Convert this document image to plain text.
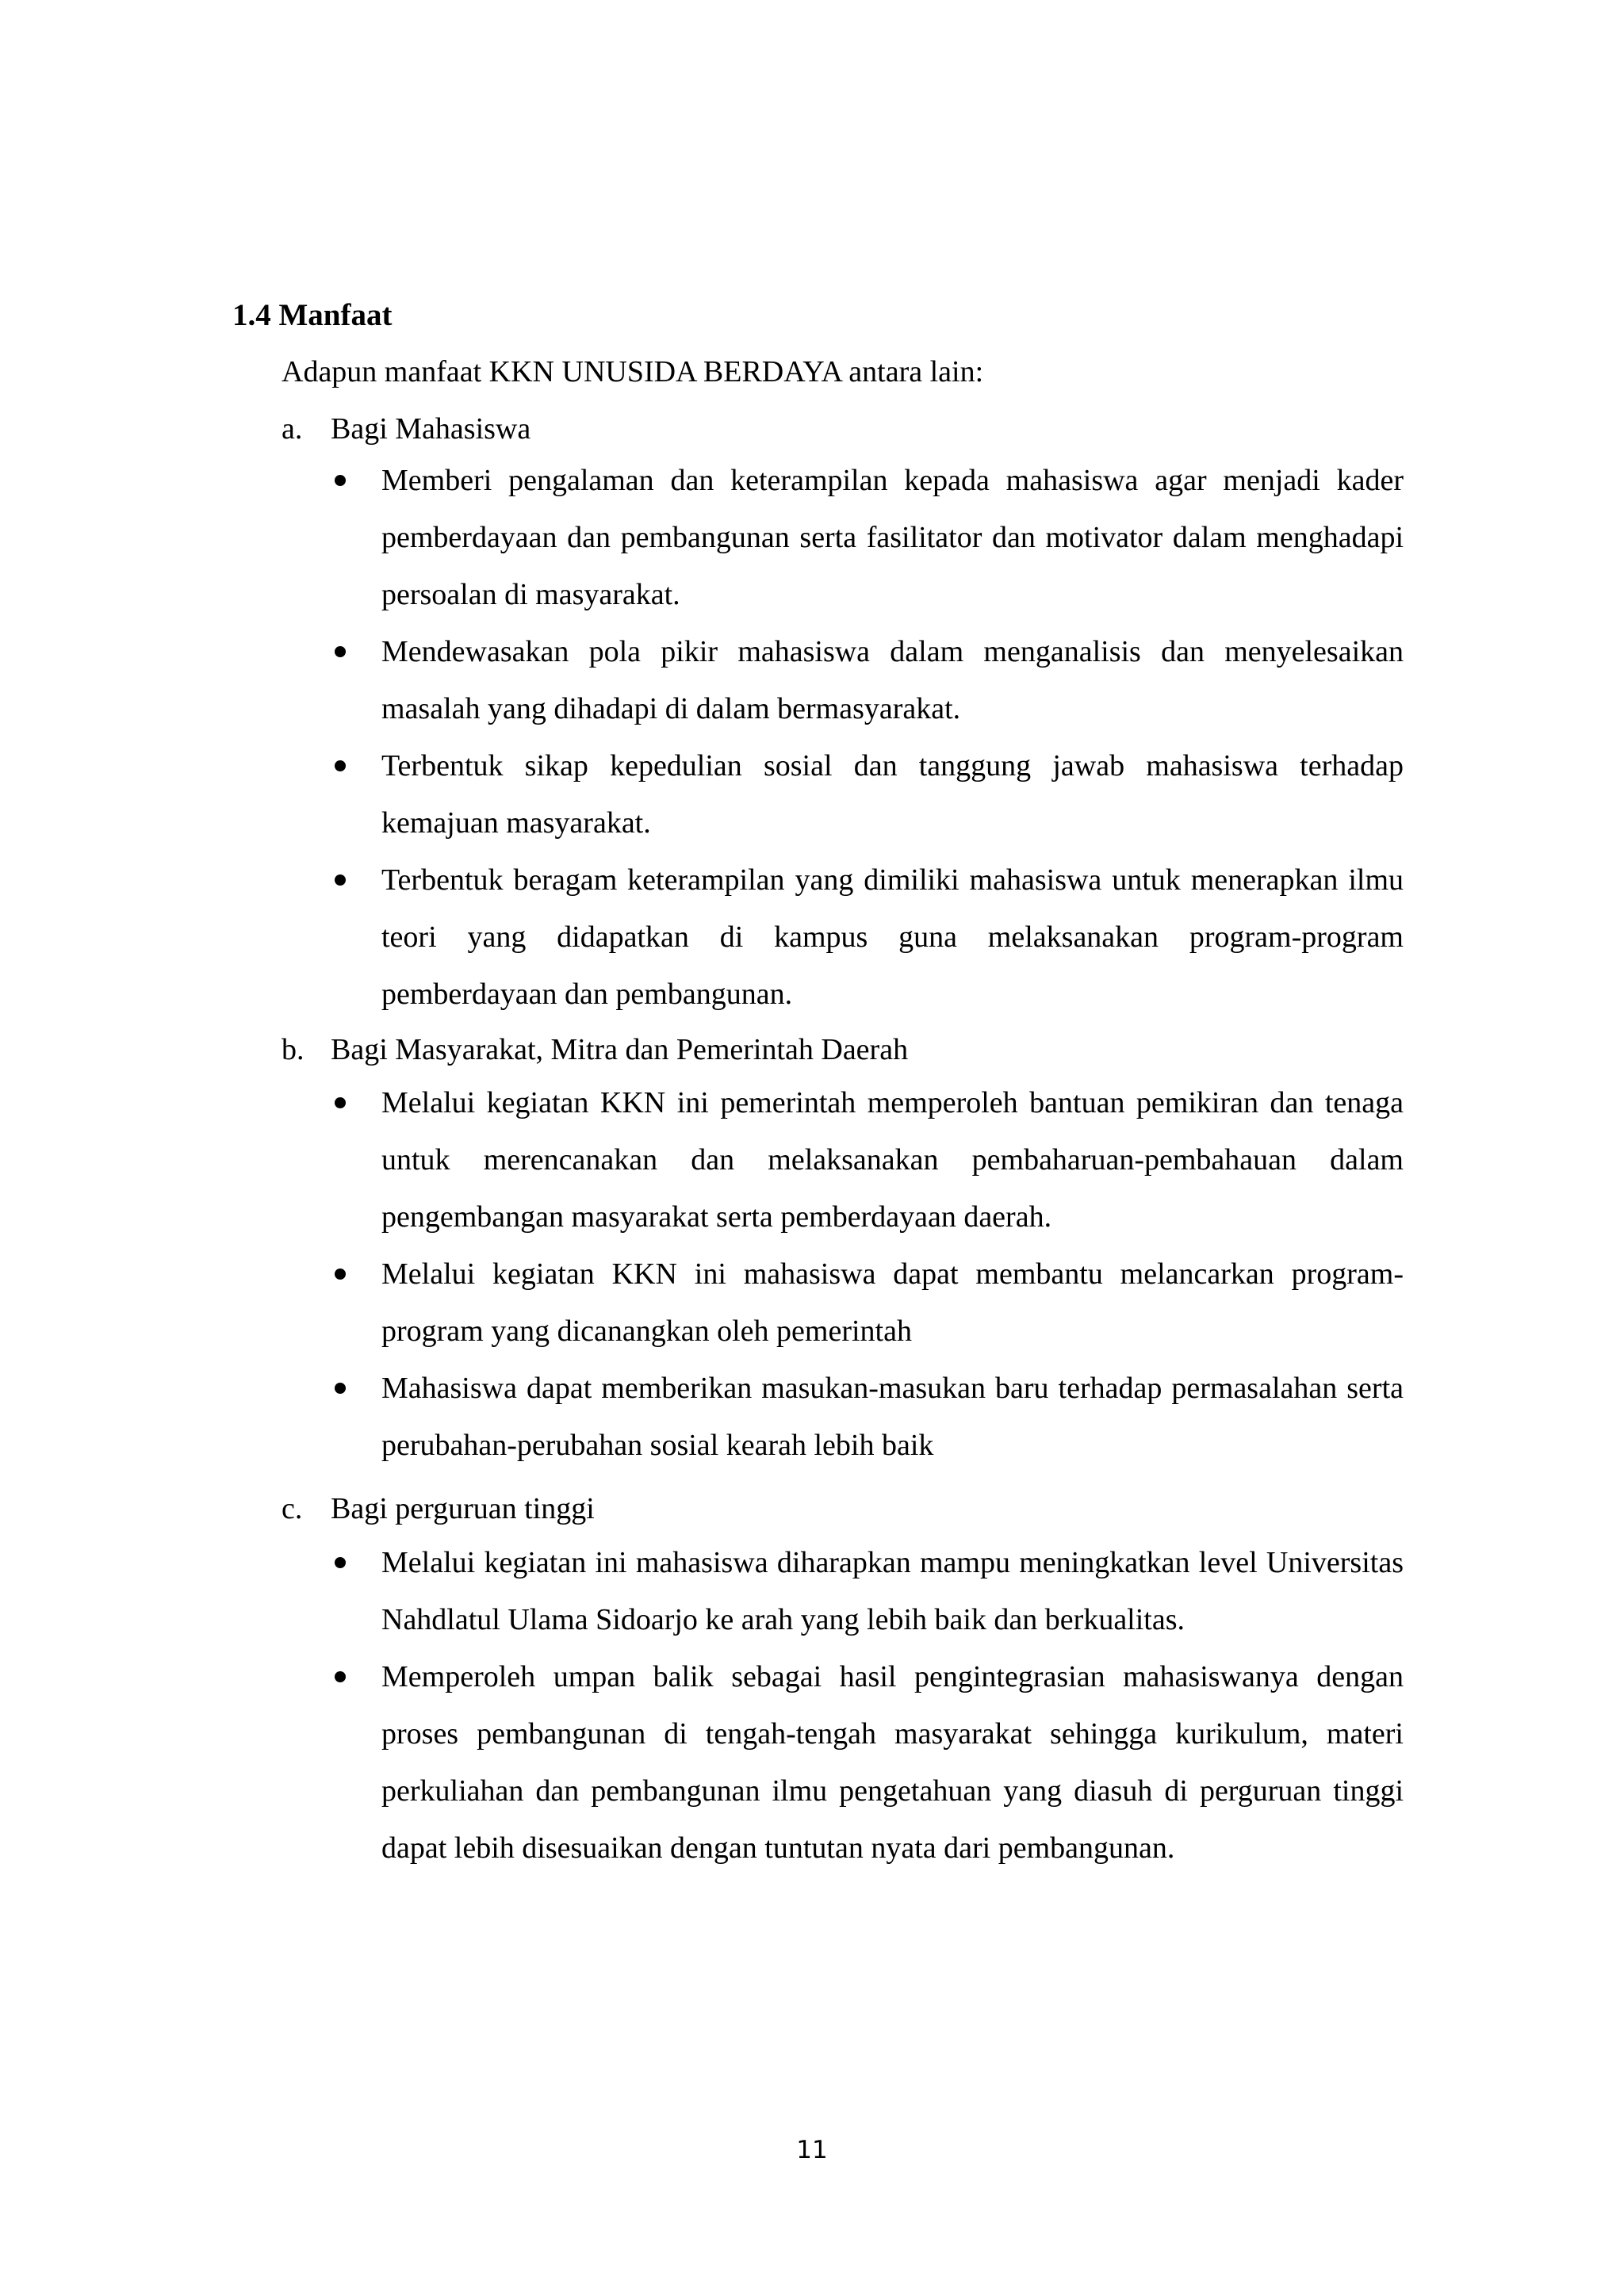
1.4 Manfaat
Adapun manfaat KKN UNUSIDA BERDAYA antara lain:
a. Bagi Mahasiswa
Memberi pengalaman dan keterampilan kepada mahasiswa agar menjadi kader pemberdayaan dan pembangunan serta fasilitator dan motivator dalam menghadapi persoalan di masyarakat.
Mendewasakan pola pikir mahasiswa dalam menganalisis dan menyelesaikan masalah yang dihadapi di dalam bermasyarakat.
Terbentuk sikap kepedulian sosial dan tanggung jawab mahasiswa terhadap kemajuan masyarakat.
Terbentuk beragam keterampilan yang dimiliki mahasiswa untuk menerapkan ilmu teori yang didapatkan di kampus guna melaksanakan program-program pemberdayaan dan pembangunan.
b. Bagi Masyarakat, Mitra dan Pemerintah Daerah
Melalui kegiatan KKN ini pemerintah memperoleh bantuan pemikiran dan tenaga untuk merencanakan dan melaksanakan pembaharuan-pembahauan dalam pengembangan masyarakat serta pemberdayaan daerah.
Melalui kegiatan KKN ini mahasiswa dapat membantu melancarkan program-program yang dicanangkan oleh pemerintah
Mahasiswa dapat memberikan masukan-masukan baru terhadap permasalahan serta perubahan-perubahan sosial kearah lebih baik
c. Bagi perguruan tinggi
Melalui kegiatan ini mahasiswa diharapkan mampu meningkatkan level Universitas Nahdlatul Ulama Sidoarjo ke arah yang lebih baik dan berkualitas.
Memperoleh umpan balik sebagai hasil pengintegrasian mahasiswanya dengan proses pembangunan di tengah-tengah masyarakat sehingga kurikulum, materi perkuliahan dan pembangunan ilmu pengetahuan yang diasuh di perguruan tinggi dapat lebih disesuaikan dengan tuntutan nyata dari pembangunan.
11
